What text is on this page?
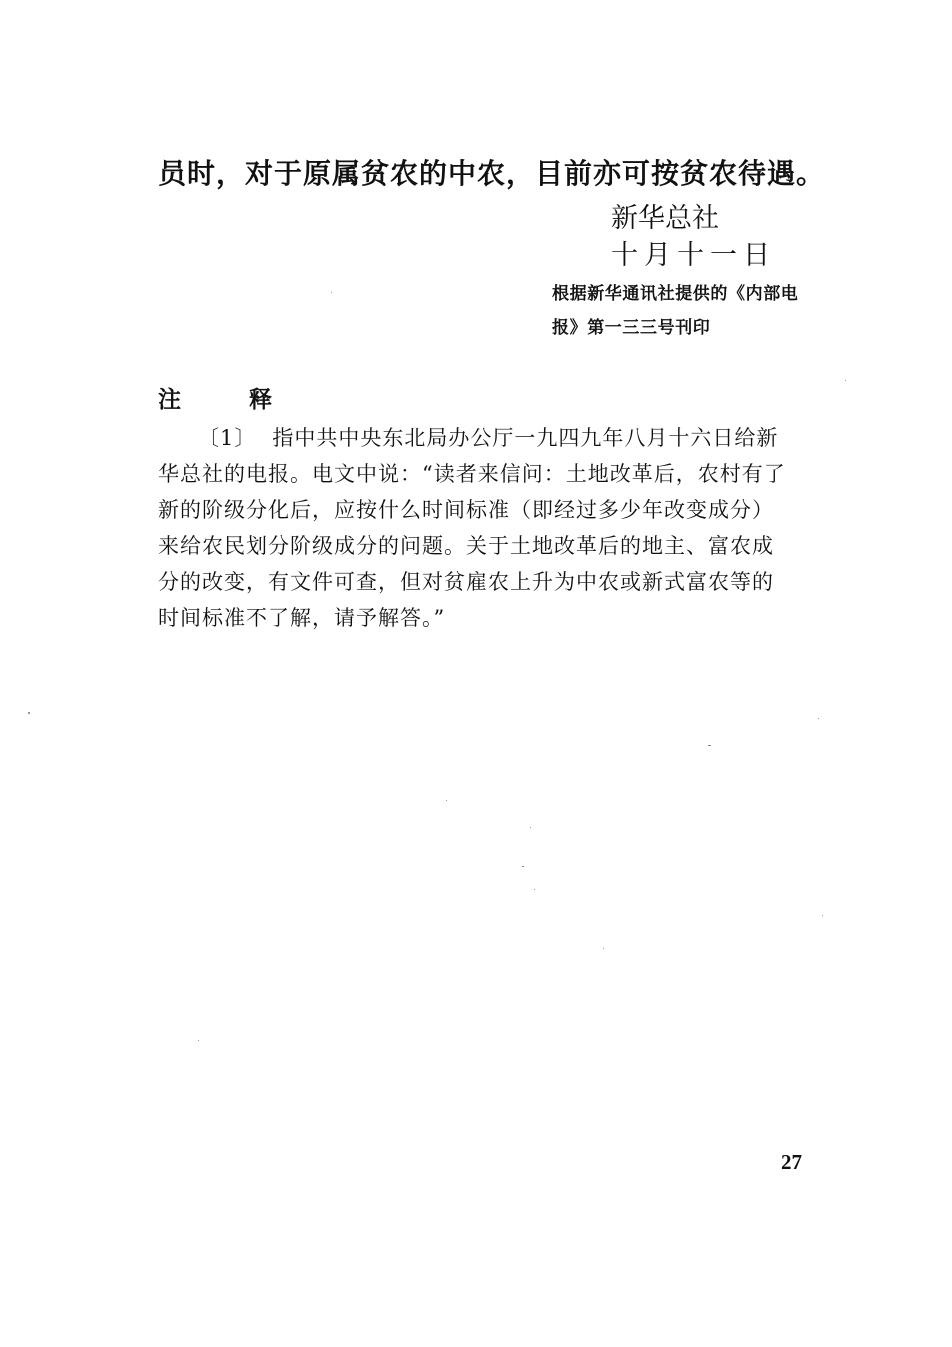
员时，对于原属贫农的中农，目前亦可按贫农待遇。

新华总社

十月十一日

根据新华通讯社提供的《内部电

报》第一三三号刊印

注 释

〔1〕 指中共中央东北局办公厅一九四九年八月十六日给新

华总社的电报。电文中说：“读者来信问：土地改革后，农村有了

新的阶级分化后，应按什么时间标准（即经过多少年改变成分）

来给农民划分阶级成分的问题。关于土地改革后的地主、富农成

分的改变，有文件可查，但对贫雇农上升为中农或新式富农等的

时间标准不了解，请予解答。”

27
